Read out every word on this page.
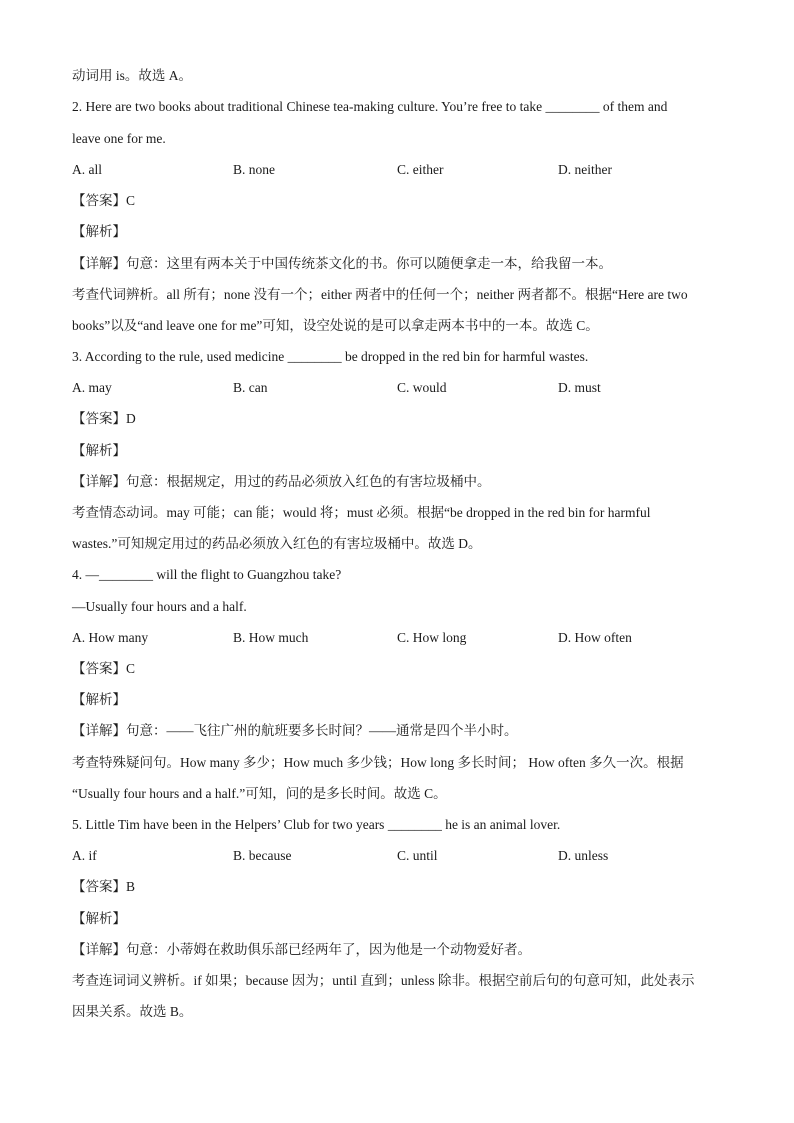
动词用 is。故选 A。
2. Here are two books about traditional Chinese tea-making culture. You’re free to take ________ of them and
leave one for me.
A. all	B. none	C. either	D. neither
【答案】C
【解析】
【详解】句意：这里有两本关于中国传统茶文化的书。你可以随便拿走一本，给我留一本。
考查代词辨析。all 所有；none 没有一个；either 两者中的任何一个；neither 两者都不。根据“Here are two
books”以及“and leave one for me”可知，设空处说的是可以拿走两本书中的一本。故选 C。
3. According to the rule, used medicine ________ be dropped in the red bin for harmful wastes.
A. may	B. can	C. would	D. must
【答案】D
【解析】
【详解】句意：根据规定，用过的药品必须放入红色的有害垃圾桶中。
考查情态动词。may 可能；can 能；would 将；must 必须。根据“be dropped in the red bin for harmful
wastes.”可知规定用过的药品必须放入红色的有害垃圾桶中。故选 D。
4. —________ will the flight to Guangzhou take?
—Usually four hours and a half.
A. How many	B. How much	C. How long	D. How often
【答案】C
【解析】
【详解】句意：——飞往广州的航班要多长时间？——通常是四个半小时。
考查特殊疑问句。How many 多少；How much 多少钱；How long 多长时间； How often 多久一次。根据
“Usually four hours and a half.”可知，问的是多长时间。故选 C。
5. Little Tim have been in the Helpers’ Club for two years ________ he is an animal lover.
A. if	B. because	C. until	D. unless
【答案】B
【解析】
【详解】句意：小蒂姆在救助俱乐部已经两年了，因为他是一个动物爱好者。
考查连词词义辨析。if 如果；because 因为；until 直到；unless 除非。根据空前后句的句意可知，此处表示
因果关系。故选 B。
